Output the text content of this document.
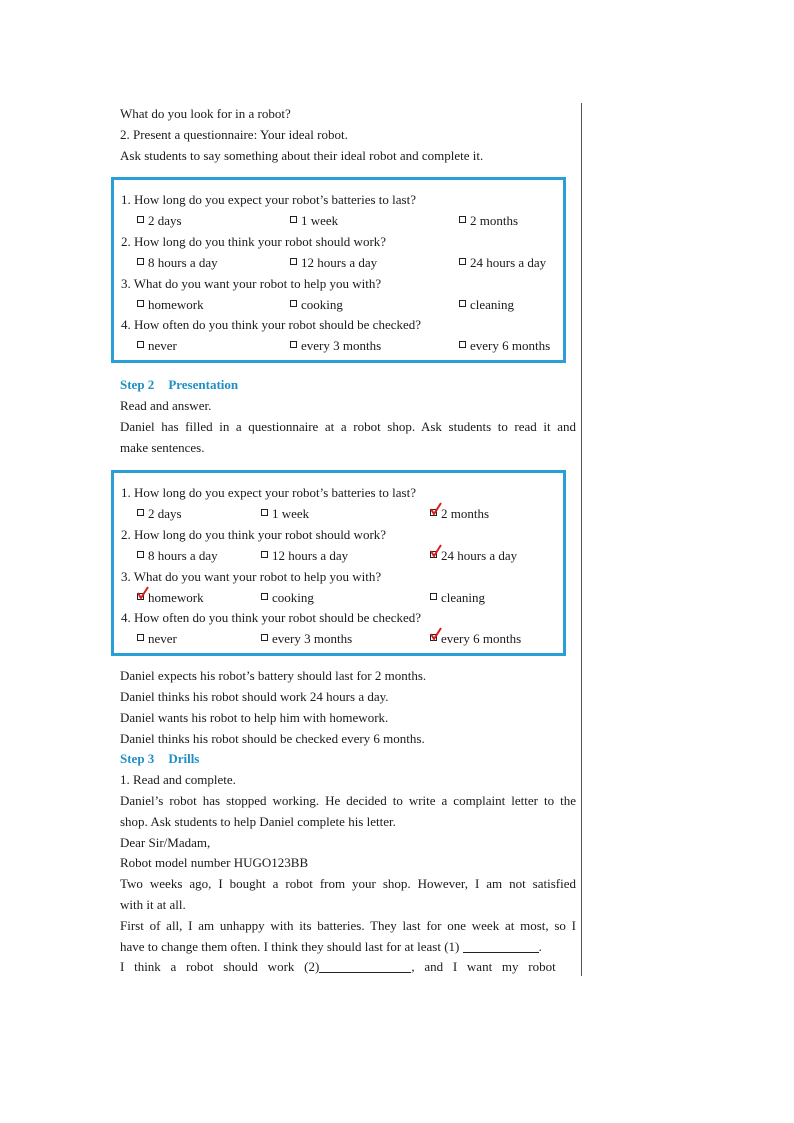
What do you look for in a robot?
2. Present a questionnaire: Your ideal robot.
Ask students to say something about their ideal robot and complete it.
1. How long do you expect your robot’s batteries to last?
2 days	1 week	2 months
2. How long do you think your robot should work?
8 hours a day	12 hours a day	24 hours a day
3. What do you want your robot to help you with?
homework	cooking	cleaning
4. How often do you think your robot should be checked?
never	every 3 months	every 6 months
Step 2 Presentation
Read and answer.
Daniel has filled in a questionnaire at a robot shop. Ask students to read it and
make sentences.
1. How long do you expect your robot’s batteries to last?
2 days	1 week	2 months
2. How long do you think your robot should work?
8 hours a day	12 hours a day	24 hours a day
3. What do you want your robot to help you with?
homework	cooking	cleaning
4. How often do you think your robot should be checked?
never	every 3 months	every 6 months
Daniel expects his robot’s battery should last for 2 months.
Daniel thinks his robot should work 24 hours a day.
Daniel wants his robot to help him with homework.
Daniel thinks his robot should be checked every 6 months.
Step 3 Drills
1. Read and complete.
Daniel’s robot has stopped working. He decided to write a complaint letter to the
shop. Ask students to help Daniel complete his letter.
Dear Sir/Madam,
Robot model number HUGO123BB
Two weeks ago, I bought a robot from your shop. However, I am not satisfied
with it at all.
First of all, I am unhappy with its batteries. They last for one week at most, so I
have to change them often. I think they should last for at least (1)	.
I   think   a   robot   should   work   (2)	,   and   I   want   my   robot
